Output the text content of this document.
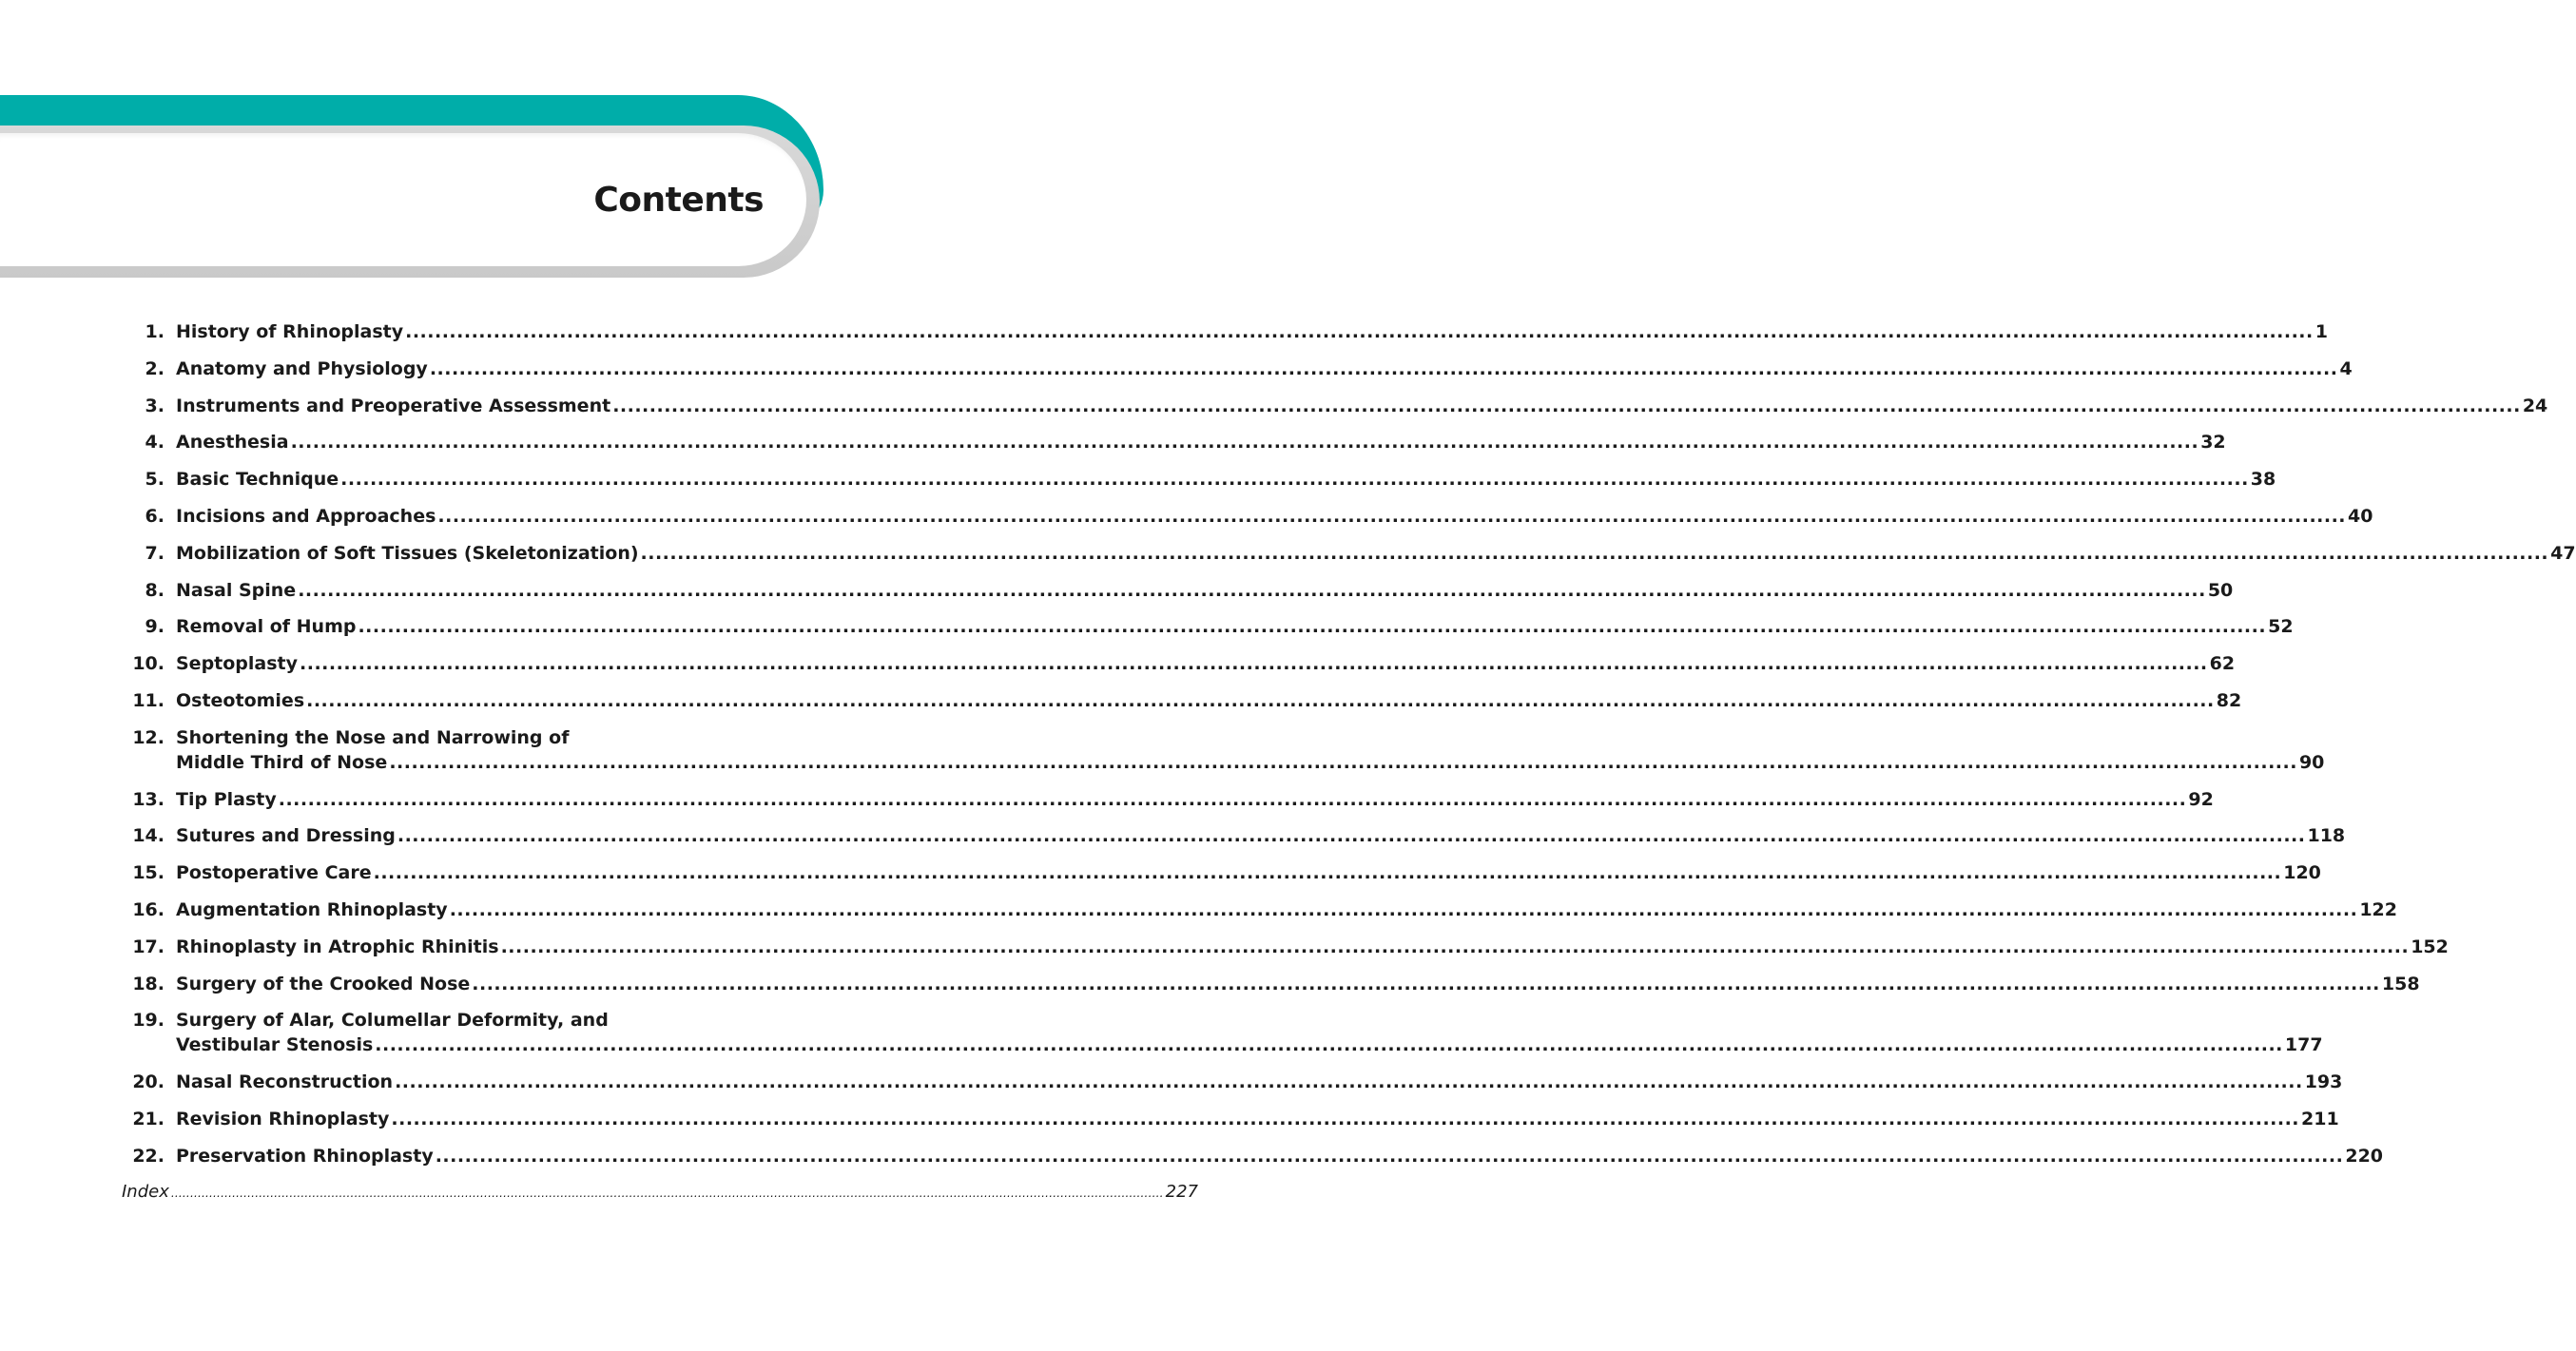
Contents
1. History of Rhinoplasty .....	1
2. Anatomy and Physiology .....	4
3. Instruments and Preoperative Assessment .....	24
4. Anesthesia .....	32
5. Basic Technique .....	38
6. Incisions and Approaches .....	40
7. Mobilization of Soft Tissues (Skeletonization) .....	47
8. Nasal Spine .....	50
9. Removal of Hump .....	52
10. Septoplasty .....	62
11. Osteotomies .....	82
12. Shortening the Nose and Narrowing of
Middle Third of Nose .....	90
13. Tip Plasty .....	92
14. Sutures and Dressing .....	118
15. Postoperative Care .....	120
16. Augmentation Rhinoplasty .....	122
17. Rhinoplasty in Atrophic Rhinitis .....	152
18. Surgery of the Crooked Nose .....	158
19. Surgery of Alar, Columellar Deformity, and
Vestibular Stenosis .....	177
20. Nasal Reconstruction .....	193
21. Revision Rhinoplasty .....	211
22. Preservation Rhinoplasty .....	220
Index .....	227
